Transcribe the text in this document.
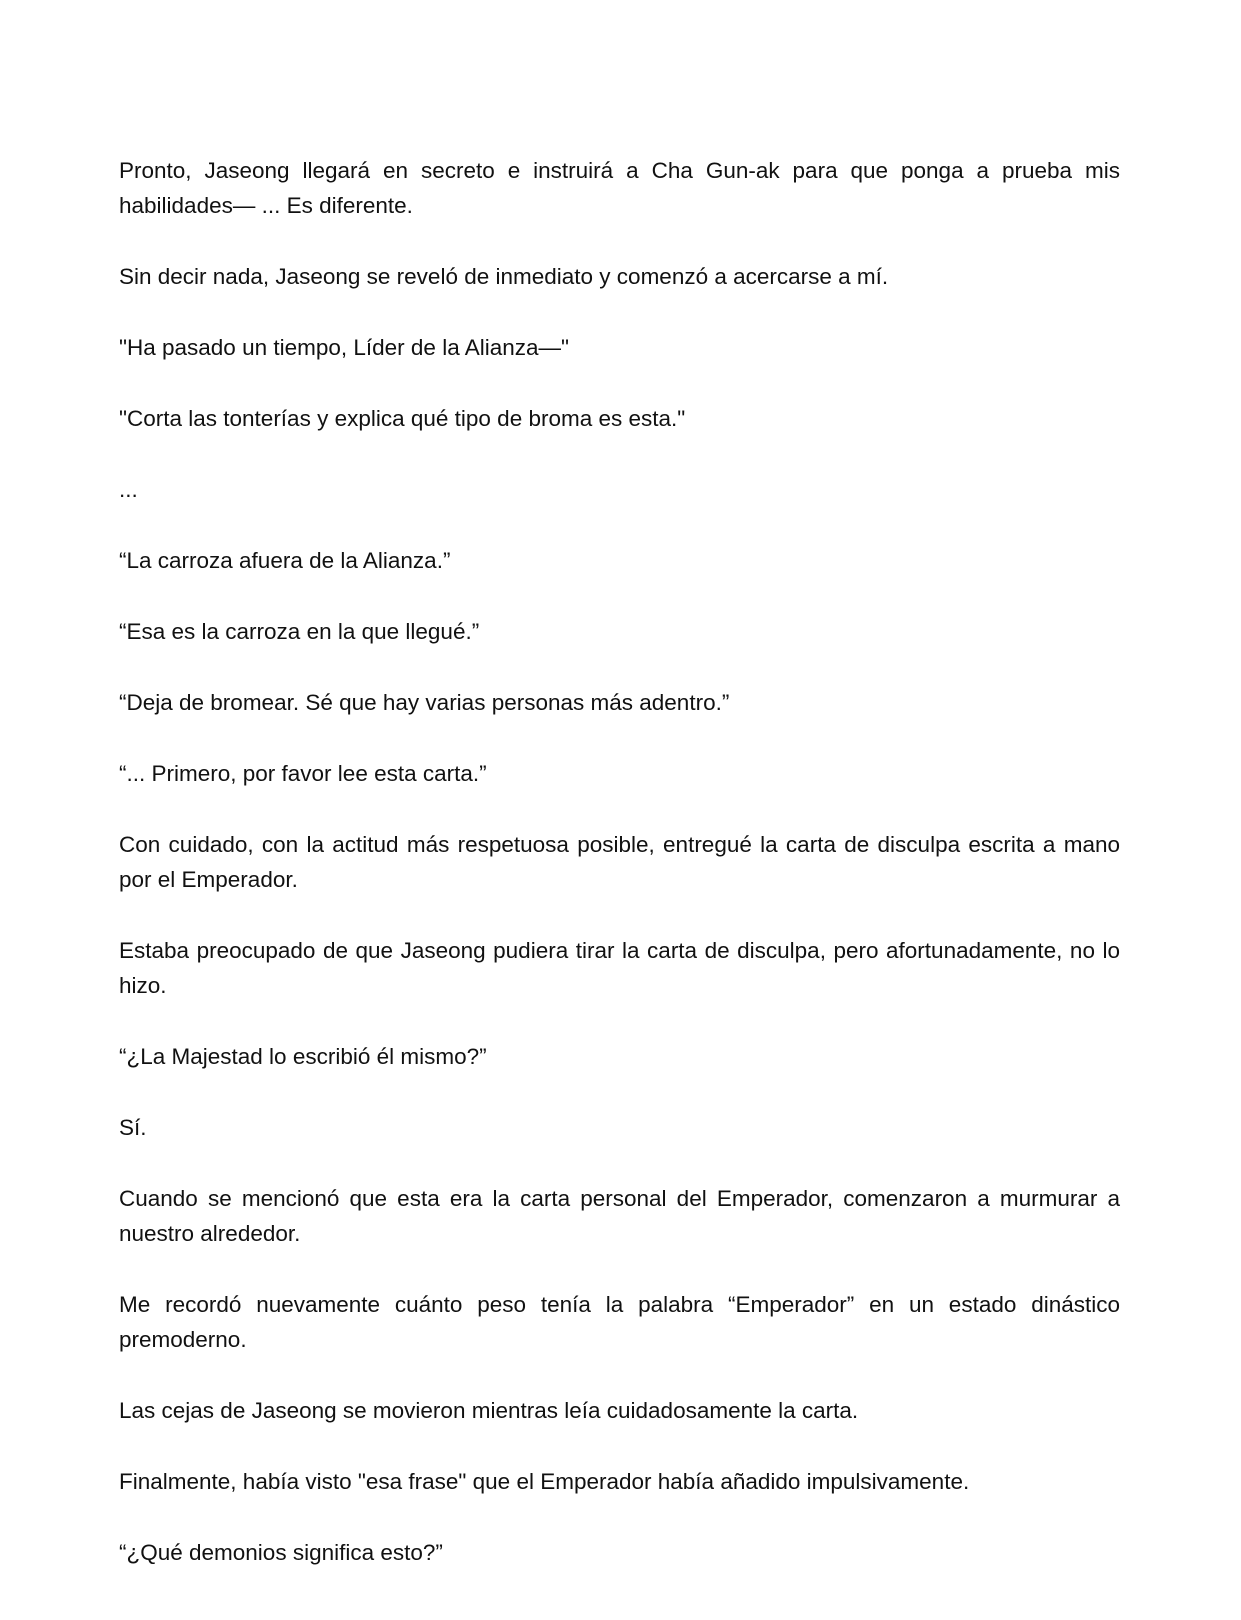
Pronto, Jaseong llegará en secreto e instruirá a Cha Gun-ak para que ponga a prueba mis habilidades— ... Es diferente.

Sin decir nada, Jaseong se reveló de inmediato y comenzó a acercarse a mí.

"Ha pasado un tiempo, Líder de la Alianza—"

"Corta las tonterías y explica qué tipo de broma es esta."

...

“La carroza afuera de la Alianza.”

“Esa es la carroza en la que llegué.”

“Deja de bromear. Sé que hay varias personas más adentro.”

“... Primero, por favor lee esta carta.”

Con cuidado, con la actitud más respetuosa posible, entregué la carta de disculpa escrita a mano por el Emperador.

Estaba preocupado de que Jaseong pudiera tirar la carta de disculpa, pero afortunadamente, no lo hizo.

“¿La Majestad lo escribió él mismo?”

Sí.

Cuando se mencionó que esta era la carta personal del Emperador, comenzaron a murmurar a nuestro alrededor.

Me recordó nuevamente cuánto peso tenía la palabra “Emperador” en un estado dinástico premoderno.

Las cejas de Jaseong se movieron mientras leía cuidadosamente la carta.

Finalmente, había visto "esa frase" que el Emperador había añadido impulsivamente.

“¿Qué demonios significa esto?”
